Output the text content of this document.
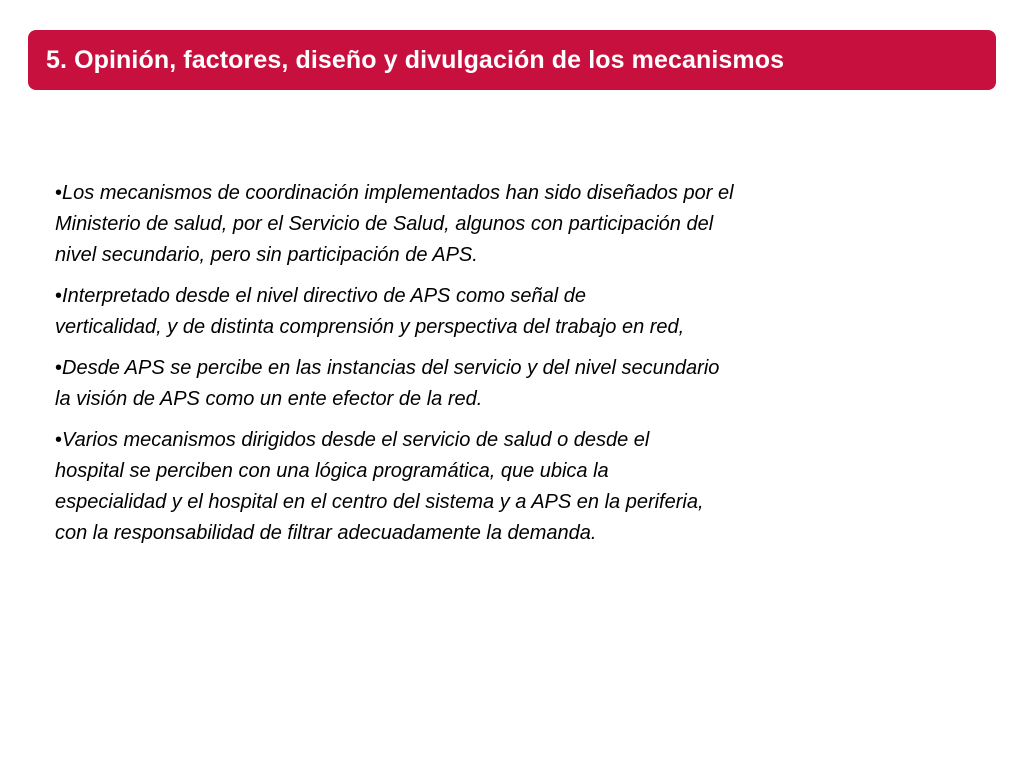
5. Opinión, factores, diseño y divulgación de los mecanismos

•Los mecanismos de coordinación implementados han sido diseñados por el
Ministerio de salud, por el Servicio de Salud, algunos con participación del
nivel secundario, pero sin participación de APS.

•Interpretado desde el nivel directivo de APS como señal de
verticalidad, y de distinta comprensión y perspectiva del trabajo en red,

•Desde APS se percibe en las instancias del servicio y del nivel secundario
la visión de APS como un ente efector de la red.

•Varios mecanismos dirigidos desde el servicio de salud o desde el
hospital se perciben con una lógica programática, que ubica la
especialidad y el hospital en el centro del sistema y a APS en la periferia,
con la responsabilidad de filtrar adecuadamente la demanda.
